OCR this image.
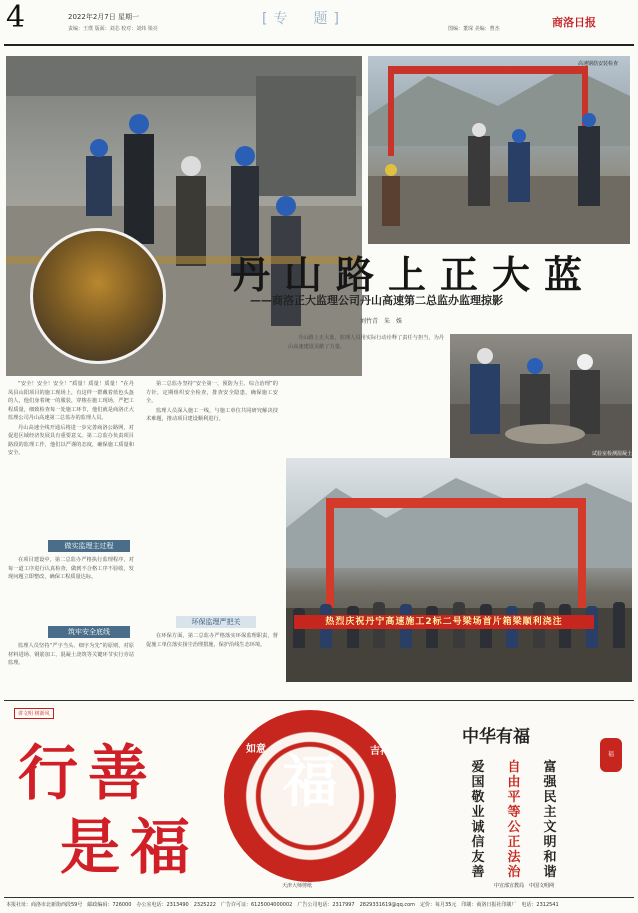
4	2022年2月7日 星期一
责编：王璞 版面：刘芯 校对：刘炜 梁亮
[专　题]
图编：董琛 美编：曹杰	商洛日报
高速钢筋安装检查
丹山路上正大蓝
——商洛正大监理公司丹山高速第二总监办监理掠影
刘竹青　朱　姝
试验室检测混凝土
热烈庆祝丹宁高速施工2标二号梁场首片箱梁顺利浇注

“安全！安全！安全！”质量！质量！质量！”在丹凤县山阳项目的施工现场上，有这样一群戴着蓝色头盔的人，他们身着统一的服装，穿梭在施工现场，严把工程质量，细致检查每一处施工环节，他们就是商洛正大监理公司丹山高速第二总监办的监理人员。

丹山高速全线开通后将进一步完善商洛公路网，对促进区域经济发展具有重要意义。第二总监办负责项目路段的监理工作，他们以严谨的态度，确保施工质量和安全。

做实监理主过程

在项目建设中，第二总监办严格执行监理程序，对每一道工序进行认真检查，做到不合格工序不验收，发现问题立即整改，确保工程质量达标。

筑牢安全底线

监理人员坚持“严字当头、细字为先”的原则，对原材料进场、钢筋加工、混凝土浇筑等关键环节实行旁站监理。

第二总监办坚持“安全第一、预防为主、综合治理”的方针，定期组织安全检查，排查安全隐患，确保施工安全。

监理人员深入施工一线，与施工单位共同研究解决技术难题，推动项目建设顺利进行。

环保监理严把关

在环保方面，第二总监办严格落实环保监理职责，督促施工单位落实扬尘治理措施，保护沿线生态环境。

丹山路上正大蓝，监理人员用实际行动诠释了责任与担当，为丹山高速建设贡献了力量。

讲文明 树新风
行善
是福
福
如意	吉祥
天津大师剪纸
中华有福
福
爱国敬业诚信友善
自由平等公正法治
富强民主文明和谐
中宣部宣教局　中国文明网
本报社址：商洛市北新街西段59号　邮政编码：726000　办公室电话：2313490　2325222　广告许可证：6125004000002　广告公司电话：2317997　2829331619@qq.com　定价：每月35元　印刷：商洛日报社印刷厂　电话：2312541
